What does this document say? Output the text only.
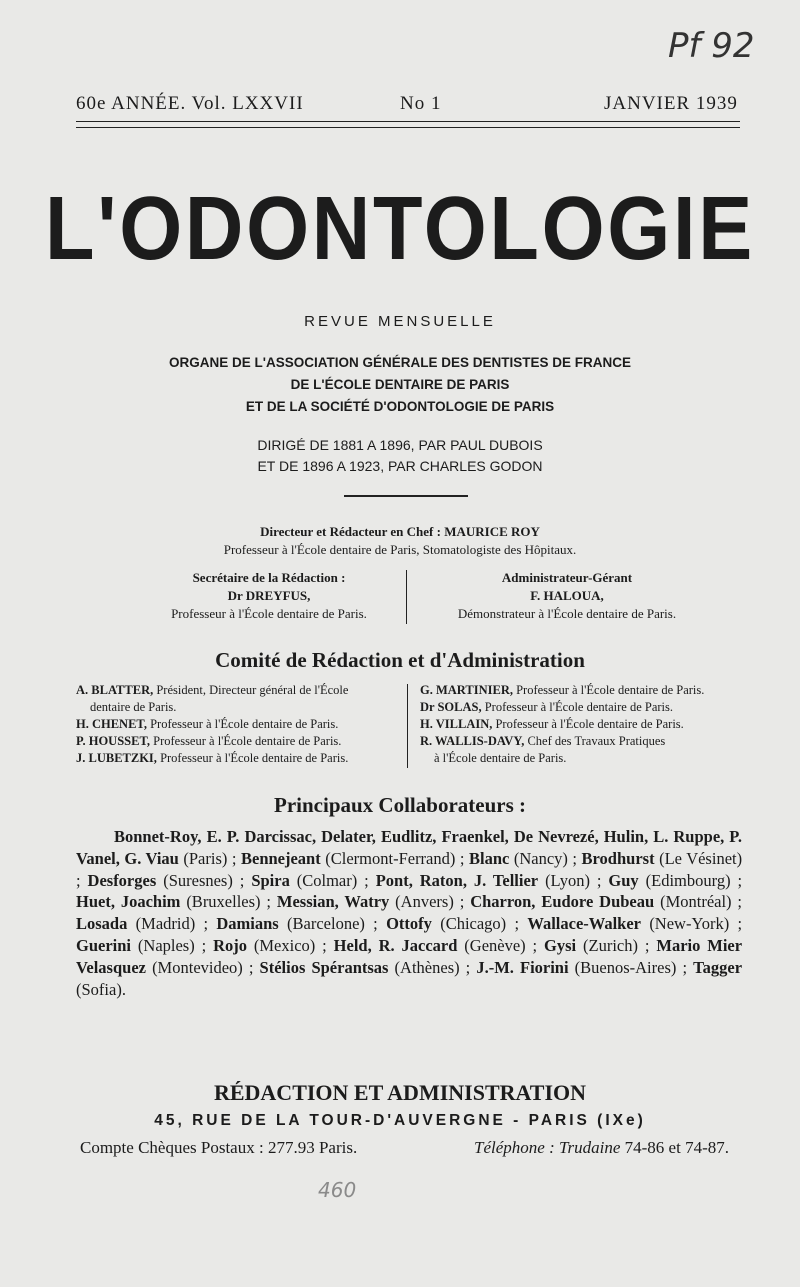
Pf 92
460
60e ANNÉE. Vol. LXXVII	No 1	JANVIER 1939
L'ODONTOLOGIE
REVUE MENSUELLE
ORGANE DE L'ASSOCIATION GÉNÉRALE DES DENTISTES DE FRANCE
DE L'ÉCOLE DENTAIRE DE PARIS
ET DE LA SOCIÉTÉ D'ODONTOLOGIE DE PARIS
DIRIGÉ DE 1881 A 1896, PAR PAUL DUBOIS
ET DE 1896 A 1923, PAR CHARLES GODON
Directeur et Rédacteur en Chef : MAURICE ROY
Professeur à l'École dentaire de Paris, Stomatologiste des Hôpitaux.
Secrétaire de la Rédaction :
Dr DREYFUS,
Professeur à l'École dentaire de Paris.
Administrateur-Gérant
F. HALOUA,
Démonstrateur à l'École dentaire de Paris.
Comité de Rédaction et d'Administration

A. BLATTER, Président, Directeur général de l'École

dentaire de Paris.

H. CHENET, Professeur à l'École dentaire de Paris.

P. HOUSSET, Professeur à l'École dentaire de Paris.

J. LUBETZKI, Professeur à l'École dentaire de Paris.

G. MARTINIER, Professeur à l'École dentaire de Paris.

Dr SOLAS, Professeur à l'École dentaire de Paris.

H. VILLAIN, Professeur à l'École dentaire de Paris.

R. WALLIS-DAVY, Chef des Travaux Pratiques

à l'École dentaire de Paris.

Principaux Collaborateurs :
Bonnet-Roy, E. P. Darcissac, Delater, Eudlitz, Fraenkel, De Nevrezé, Hulin, L. Ruppe, P. Vanel, G. Viau (Paris) ; Bennejeant (Clermont-Ferrand) ; Blanc (Nancy) ; Brodhurst (Le Vésinet) ; Desforges (Suresnes) ; Spira (Colmar) ; Pont, Raton, J. Tellier (Lyon) ; Guy (Edimbourg) ; Huet, Joachim (Bruxelles) ; Messian, Watry (Anvers) ; Charron, Eudore Dubeau (Montréal) ; Losada (Madrid) ; Damians (Barcelone) ; Ottofy (Chicago) ; Wallace-Walker (New-York) ; Guerini (Naples) ; Rojo (Mexico) ; Held, R. Jaccard (Genève) ; Gysi (Zurich) ; Mario Mier Velasquez (Montevideo) ; Stélios Spérantsas (Athènes) ; J.-M. Fiorini (Buenos-Aires) ; Tagger (Sofia).
RÉDACTION ET ADMINISTRATION
45, RUE DE LA TOUR-D'AUVERGNE - PARIS (IXe)
Compte Chèques Postaux : 277.93 Paris.	Téléphone : Trudaine 74-86 et 74-87.
